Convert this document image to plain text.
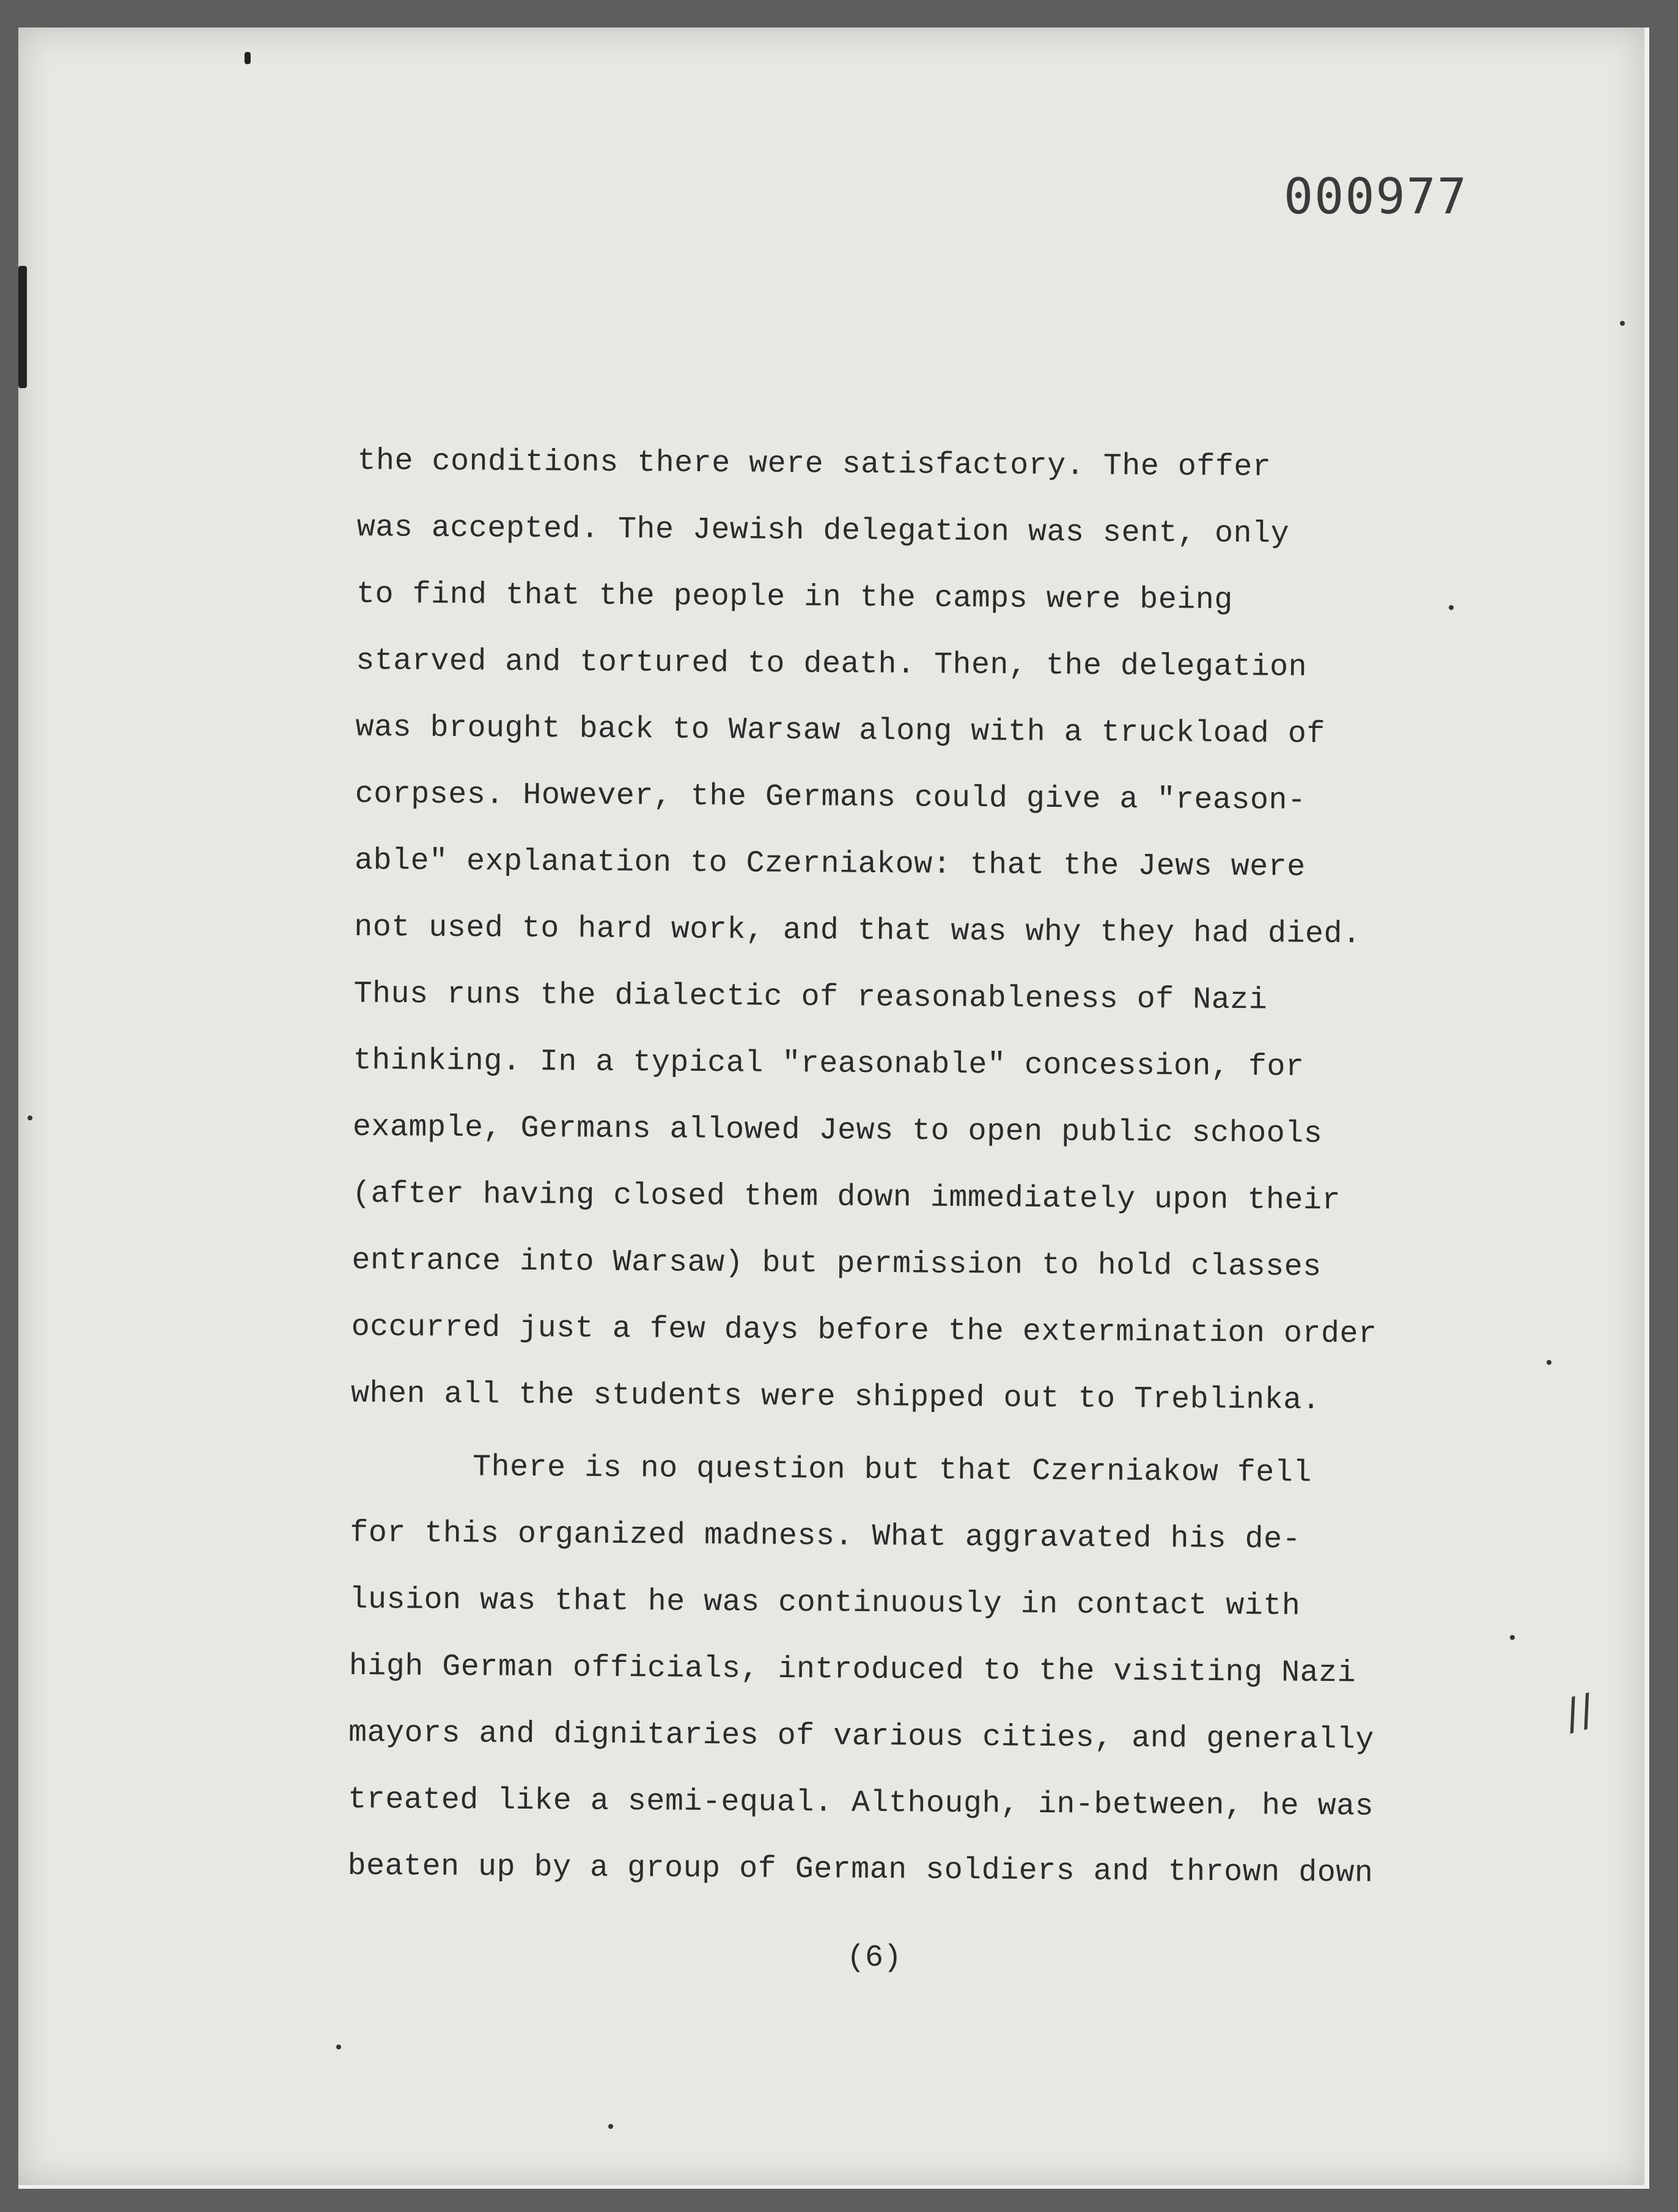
000977
the conditions there were satisfactory. The offer
was accepted. The Jewish delegation was sent, only
to find that the people in the camps were being
starved and tortured to death. Then, the delegation
was brought back to Warsaw along with a truckload of
corpses. However, the Germans could give a "reason-
able" explanation to Czerniakow: that the Jews were
not used to hard work, and that was why they had died.
Thus runs the dialectic of reasonableness of Nazi
thinking. In a typical "reasonable" concession, for
example, Germans allowed Jews to open public schools
(after having closed them down immediately upon their
entrance into Warsaw) but permission to hold classes
occurred just a few days before the extermination order
when all the students were shipped out to Treblinka.
There is no question but that Czerniakow fell
for this organized madness. What aggravated his de-
lusion was that he was continuously in contact with
high German officials, introduced to the visiting Nazi
mayors and dignitaries of various cities, and generally
treated like a semi-equal. Although, in-between, he was
beaten up by a group of German soldiers and thrown down
(6)
//
